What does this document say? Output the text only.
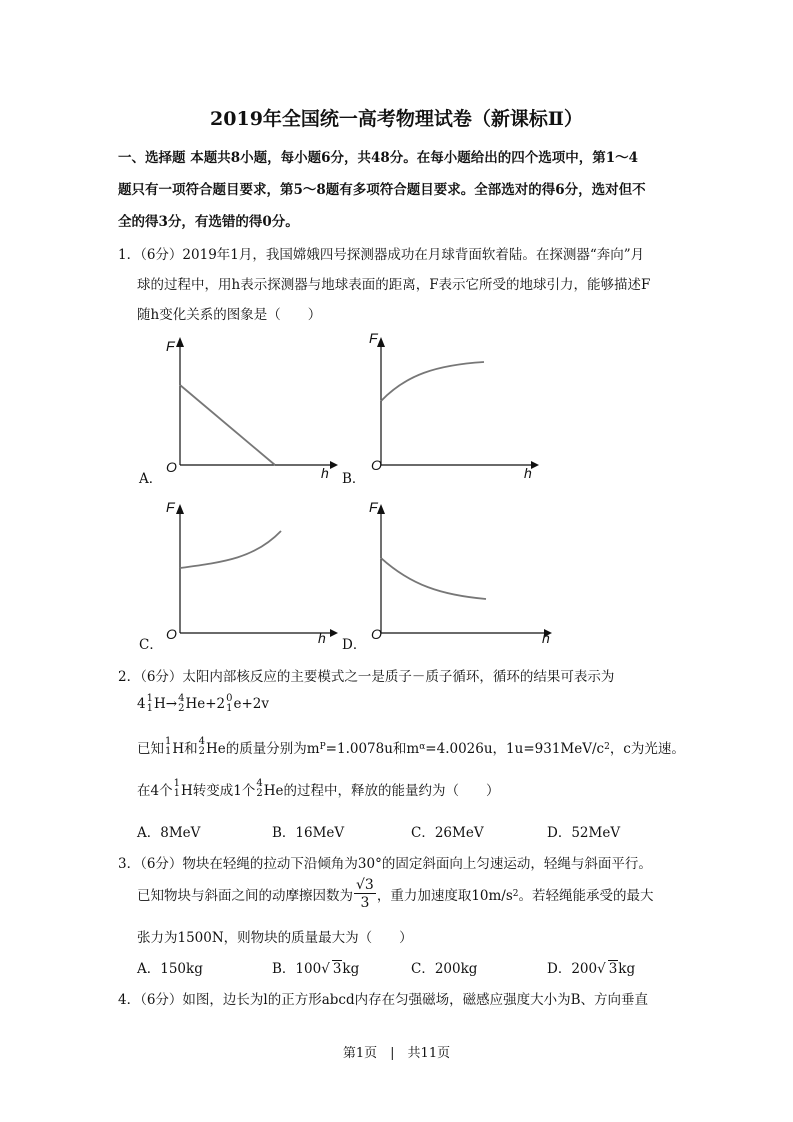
2019年全国统一高考物理试卷（新课标Ⅱ）
一、选择题 本题共8小题，每小题6分，共48分。在每小题给出的四个选项中，第1～4
题只有一项符合题目要求，第5～8题有多项符合题目要求。全部选对的得6分，选对但不
全的得3分，有选错的得0分。
1．（6分）2019年1月，我国嫦娥四号探测器成功在月球背面软着陆。在探测器“奔向”月
球的过程中，用h表示探测器与地球表面的距离，F表示它所受的地球引力，能够描述F
随h变化关系的图象是（　　）
F
O	h
A．
F
O	h
B．
F
O	h
C．
F
O	h
D．
2．（6分）太阳内部核反应的主要模式之一是质子－质子循环，循环的结果可表示为
4 1
1 H → 4
2 He+2 0
1 e+2v
已知 1
1 H和 4
2 He的质量分别为m P =1.0078u和m α =4.0026u，1u=931MeV/c 2 ，c为光速。
在4个 1
1 H转变成1个 4
2 He的过程中，释放的能量约为（　　）
A．8MeV	B．16MeV	C．26MeV	D．52MeV
3．（6分）物块在轻绳的拉动下沿倾角为30°的固定斜面向上匀速运动，轻绳与斜面平行。
已知物块与斜面之间的动摩擦因数为 $\frac{√3}{3}$ ，重力加速度取10m/s 2 。若轻绳能承受的最大
张力为1500N，则物块的质量最大为（　　）
A．150kg	B．100√ 3kg	C．200kg	D．200√ 3kg
4．（6分）如图，边长为l的正方形abcd内存在匀强磁场，磁感应强度大小为B、方向垂直
第1页　|　共11页
